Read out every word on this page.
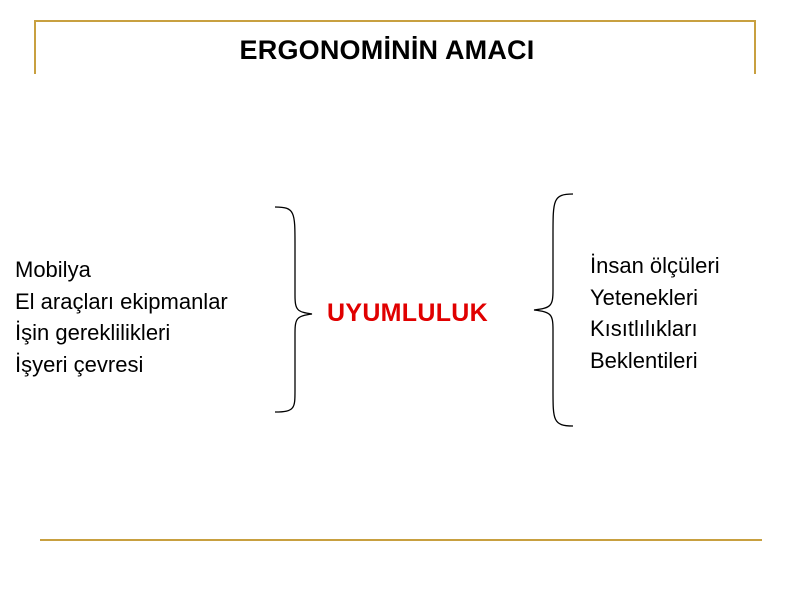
ERGONOMİNİN AMACI
Mobilya
El araçları ekipmanlar
İşin gereklilikleri
İşyeri çevresi
UYUMLULUK
İnsan ölçüleri
Yetenekleri
Kısıtlılıkları
Beklentileri
